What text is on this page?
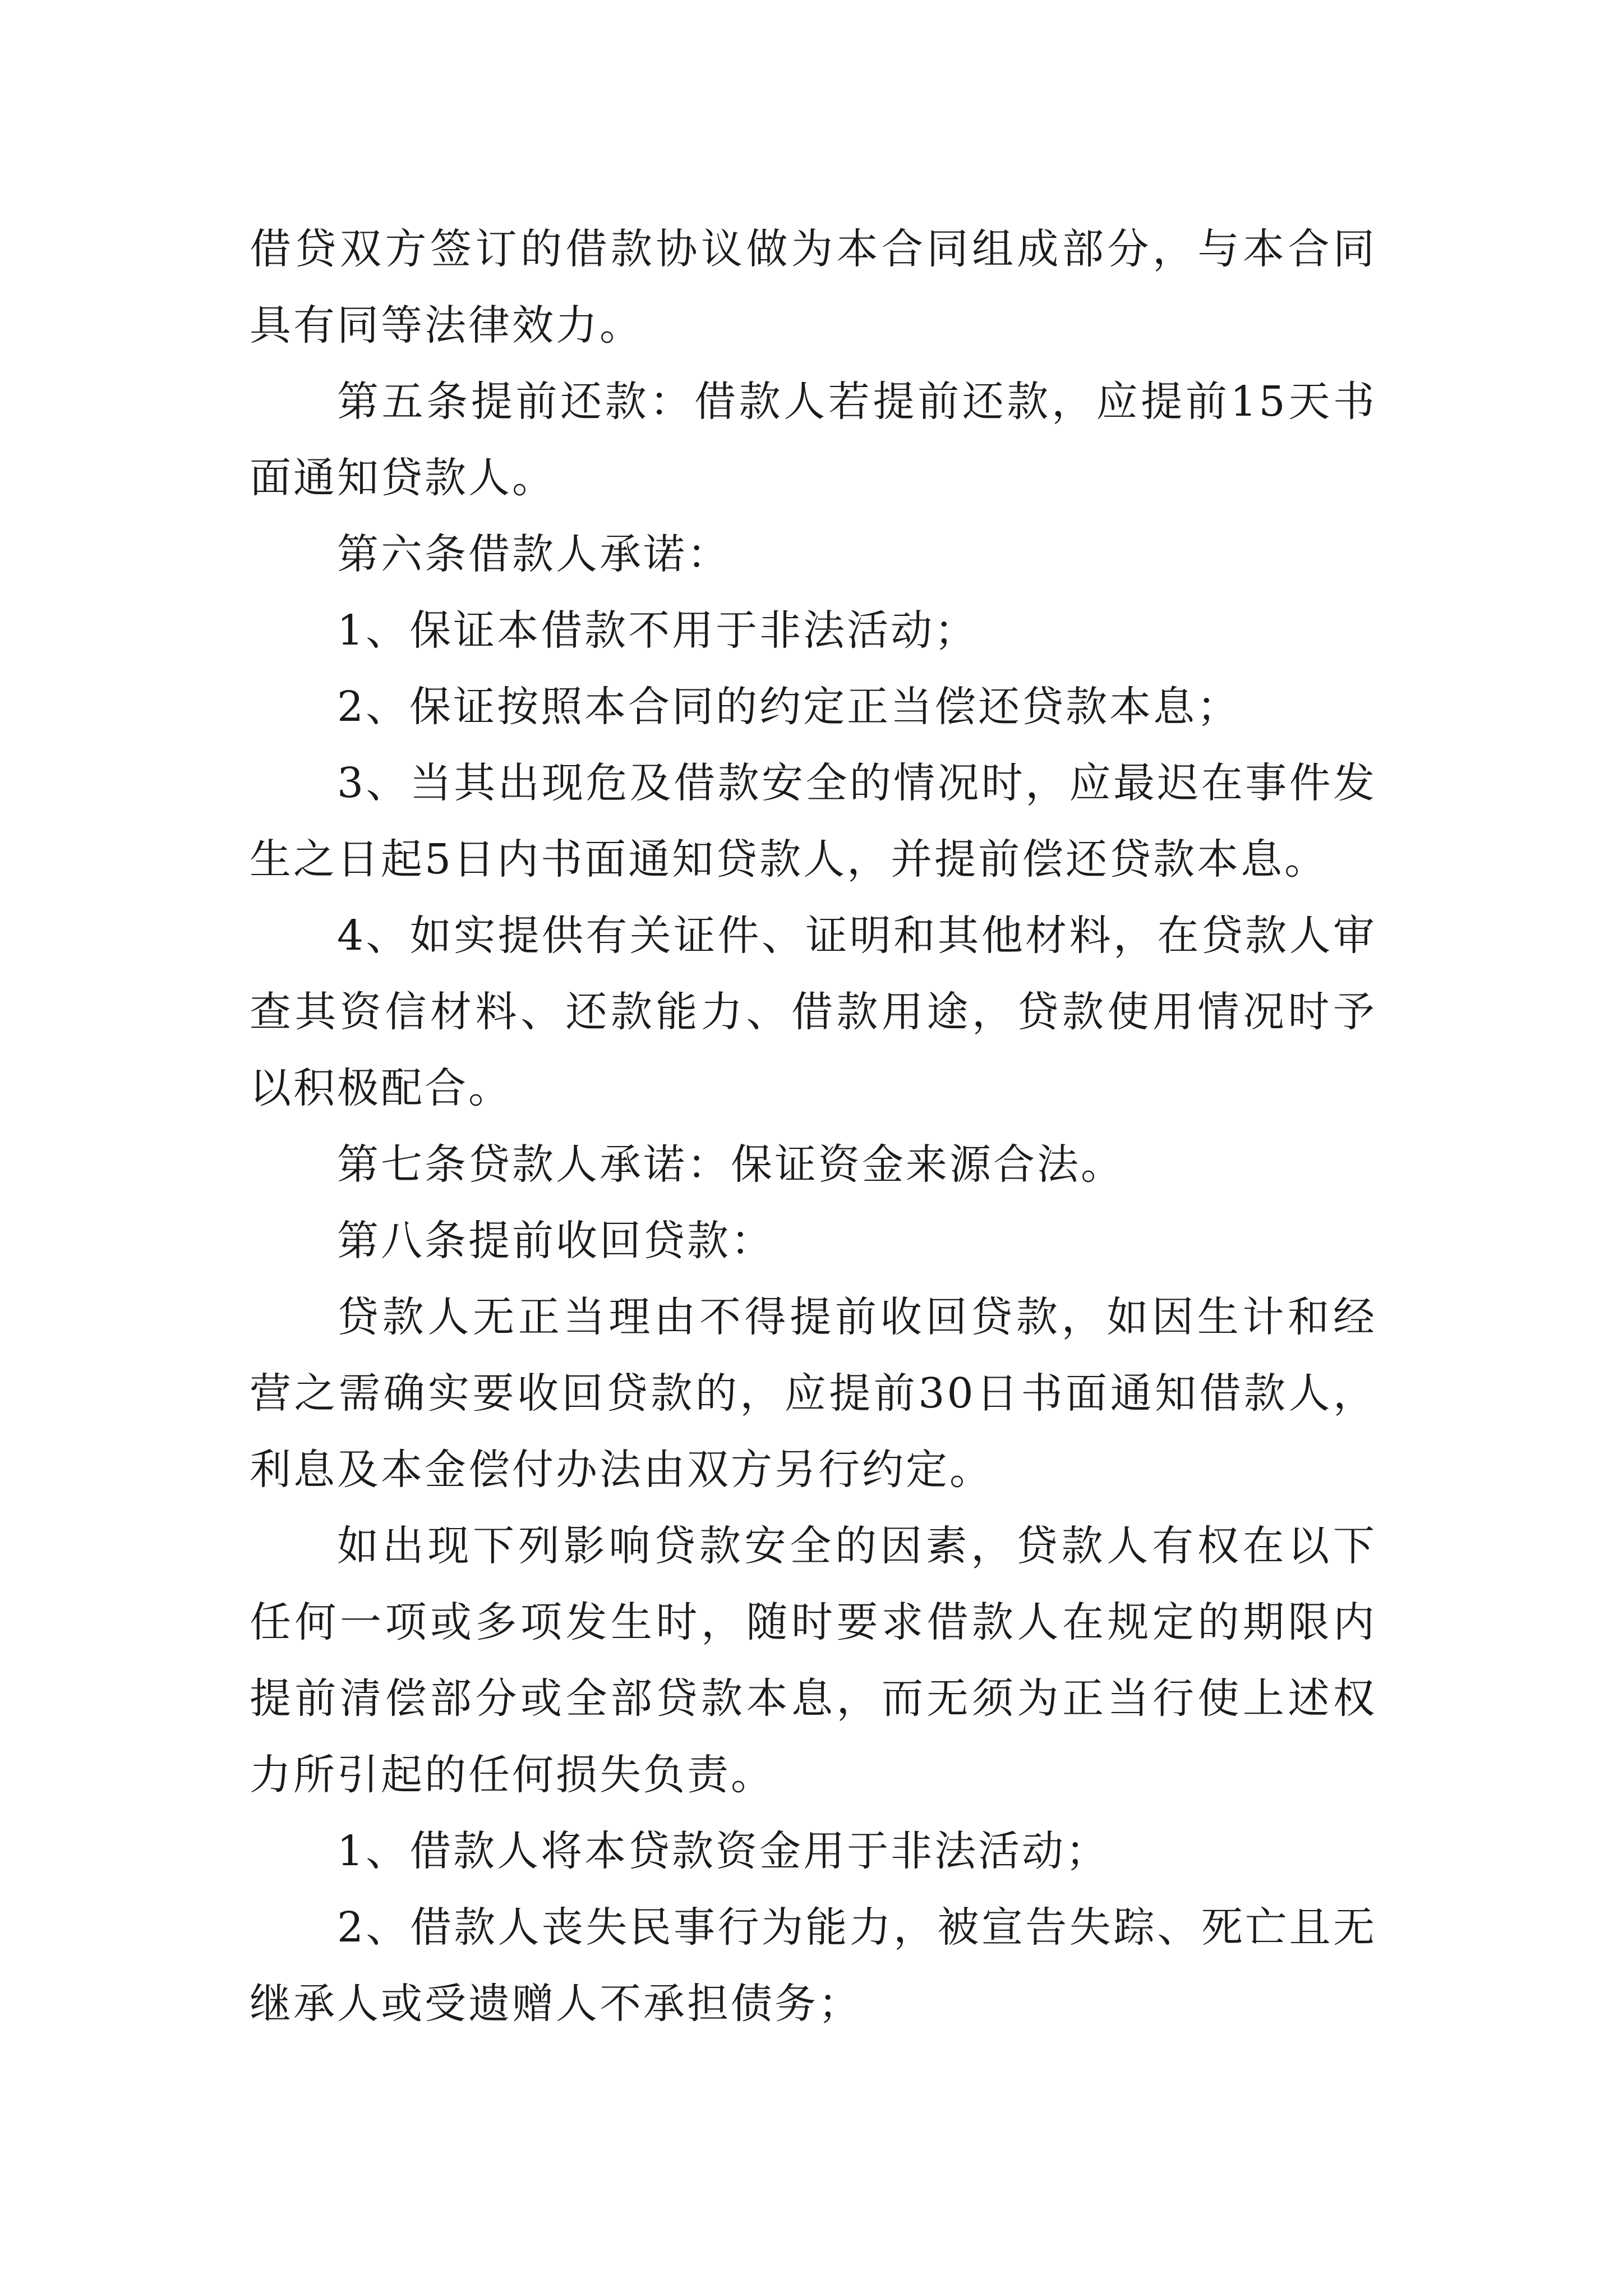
借贷双方签订的借款协议做为本合同组成部分，与本合同具有同等法律效力。

第五条提前还款：借款人若提前还款，应提前15天书面通知贷款人。

第六条借款人承诺：

1、保证本借款不用于非法活动；

2、保证按照本合同的约定正当偿还贷款本息；

3、当其出现危及借款安全的情况时，应最迟在事件发生之日起5日内书面通知贷款人，并提前偿还贷款本息。

4、如实提供有关证件、证明和其他材料，在贷款人审查其资信材料、还款能力、借款用途，贷款使用情况时予以积极配合。

第七条贷款人承诺：保证资金来源合法。

第八条提前收回贷款：

贷款人无正当理由不得提前收回贷款，如因生计和经营之需确实要收回贷款的，应提前30日书面通知借款人，利息及本金偿付办法由双方另行约定。

如出现下列影响贷款安全的因素，贷款人有权在以下任何一项或多项发生时，随时要求借款人在规定的期限内提前清偿部分或全部贷款本息，而无须为正当行使上述权力所引起的任何损失负责。

1、借款人将本贷款资金用于非法活动；

2、借款人丧失民事行为能力，被宣告失踪、死亡且无继承人或受遗赠人不承担债务；
